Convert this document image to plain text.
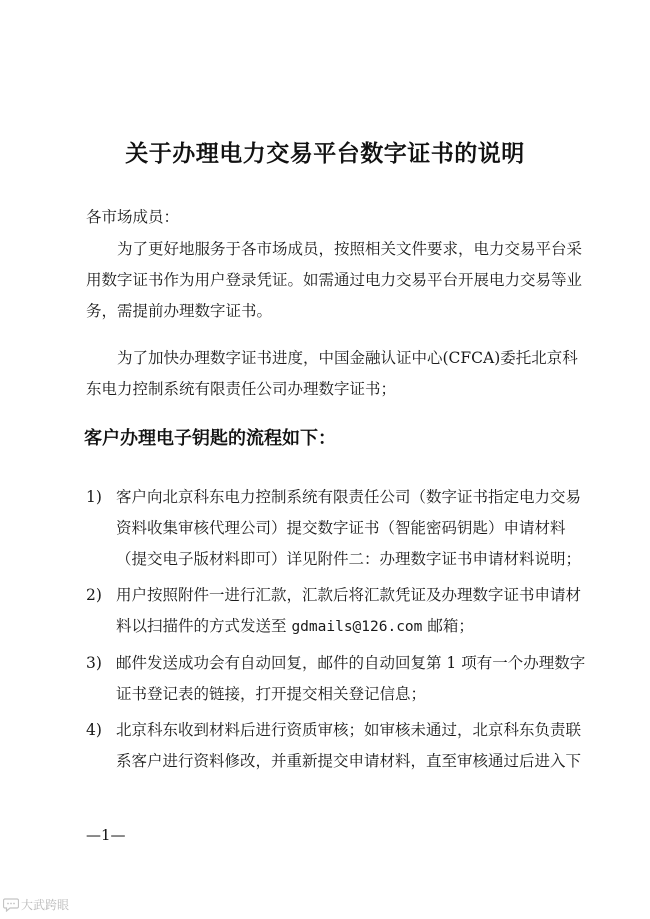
关于办理电力交易平台数字证书的说明

各市场成员：

为了更好地服务于各市场成员，按照相关文件要求，电力交易平台采用数字证书作为用户登录凭证。如需通过电力交易平台开展电力交易等业务，需提前办理数字证书。

为了加快办理数字证书进度，中国金融认证中心(CFCA)委托北京科东电力控制系统有限责任公司办理数字证书；

客户办理电子钥匙的流程如下：
1) 客户向北京科东电力控制系统有限责任公司（数字证书指定电力交易资料收集审核代理公司）提交数字证书（智能密码钥匙）申请材料（提交电子版材料即可）详见附件二：办理数字证书申请材料说明；
2) 用户按照附件一进行汇款，汇款后将汇款凭证及办理数字证书申请材料以扫描件的方式发送至 gdmails@126.com 邮箱；
3) 邮件发送成功会有自动回复，邮件的自动回复第 1 项有一个办理数字证书登记表的链接，打开提交相关登记信息；
4) 北京科东收到材料后进行资质审核；如审核未通过，北京科东负责联系客户进行资料修改，并重新提交申请材料，直至审核通过后进入下
—1—
大武跨眼
